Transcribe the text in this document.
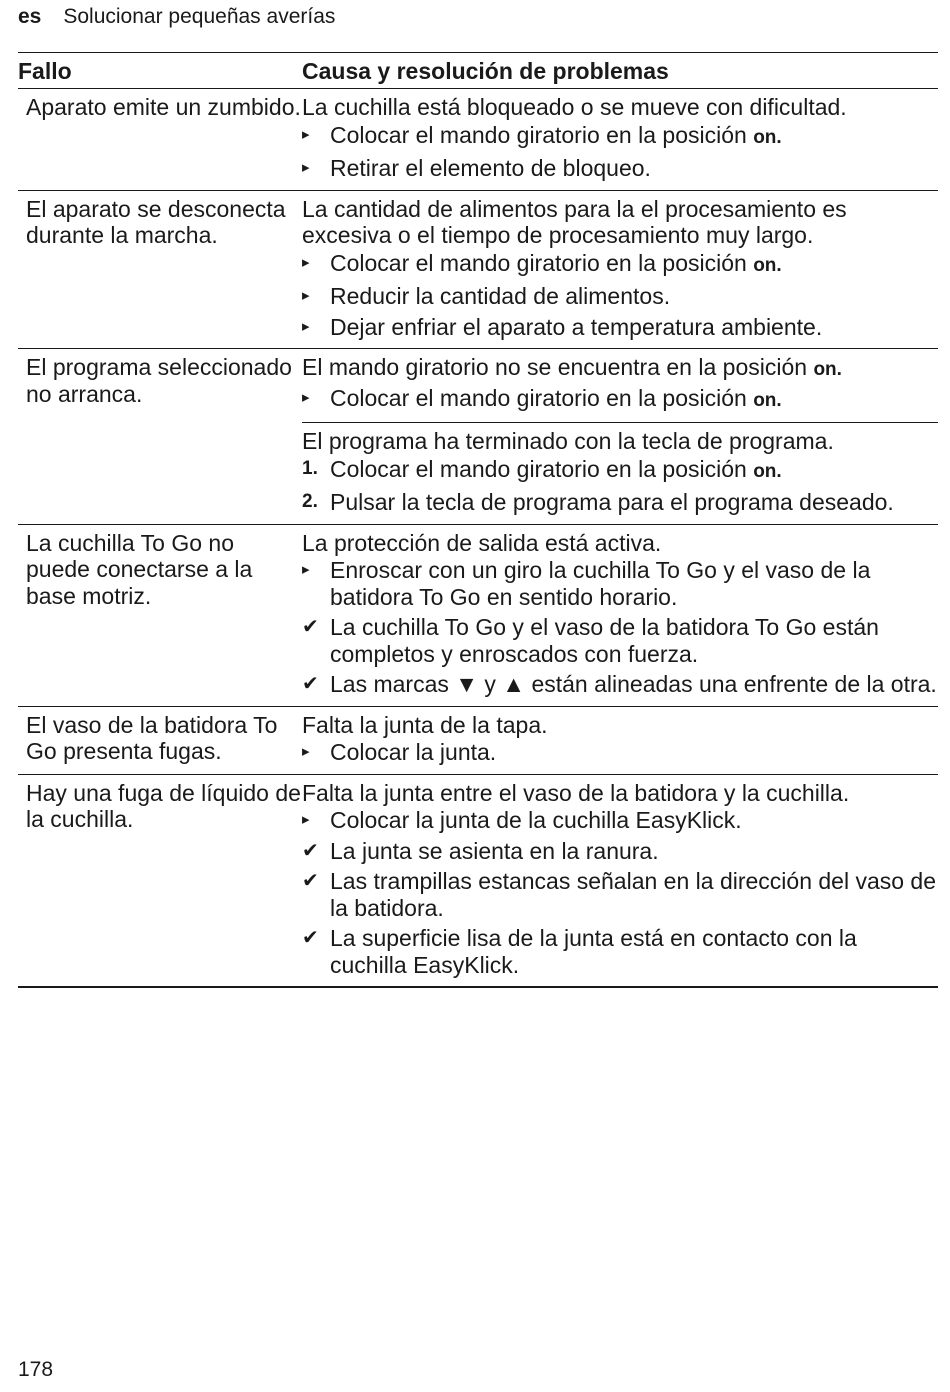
es Solucionar pequeñas averías
Fallo	Causa y resolución de problemas
Aparato emite un zumbido. La cuchilla está bloqueado o se mueve con dificultad.
▸ Colocar el mando giratorio en la posición on.
▸ Retirar el elemento de bloqueo.
El aparato se desconecta durante la marcha.
La cantidad de alimentos para la el procesamiento es excesiva o el tiempo de procesamiento muy largo.
▸ Colocar el mando giratorio en la posición on.
▸ Reducir la cantidad de alimentos.
▸ Dejar enfriar el aparato a temperatura ambiente.
El programa seleccionado no arranca.
El mando giratorio no se encuentra en la posición on.
▸ Colocar el mando giratorio en la posición on.
El programa ha terminado con la tecla de programa.
1. Colocar el mando giratorio en la posición on.
2. Pulsar la tecla de programa para el programa deseado.
La cuchilla To Go no puede conectarse a la base motriz.
La protección de salida está activa.
▸ Enroscar con un giro la cuchilla To Go y el vaso de la batidora To Go en sentido horario.
✔ La cuchilla To Go y el vaso de la batidora To Go están completos y enroscados con fuerza.
✔ Las marcas ▼ y ▲ están alineadas una enfrente de la otra.
El vaso de la batidora To Go presenta fugas.
Falta la junta de la tapa.
▸ Colocar la junta.
Hay una fuga de líquido de la cuchilla.
Falta la junta entre el vaso de la batidora y la cuchilla.
▸ Colocar la junta de la cuchilla EasyKlick.
✔ La junta se asienta en la ranura.
✔ Las trampillas estancas señalan en la dirección del vaso de la batidora.
✔ La superficie lisa de la junta está en contacto con la cuchilla EasyKlick.
178
